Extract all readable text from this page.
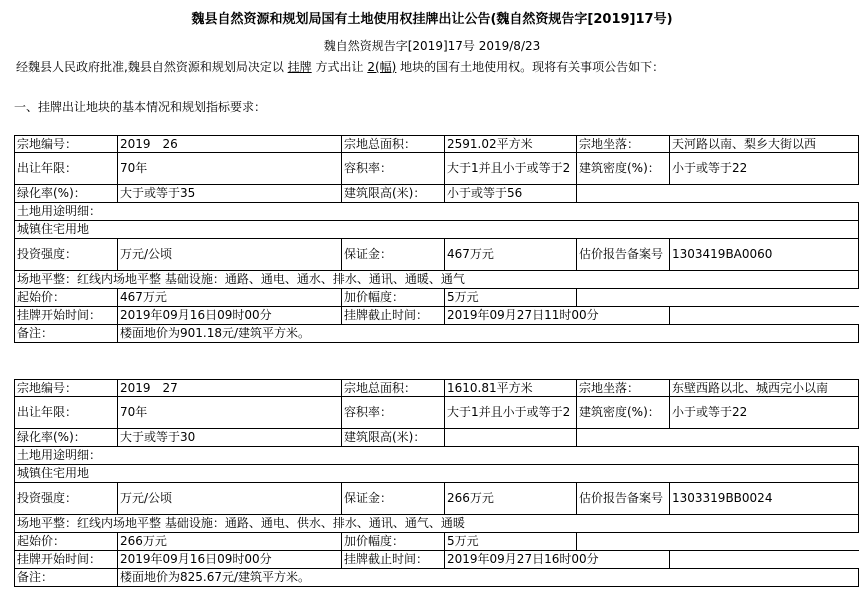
魏县自然资源和规划局国有土地使用权挂牌出让公告(魏自然资规告字[2019]17号)
魏自然资规告字[2019]17号 2019/8/23
经魏县人民政府批准,魏县自然资源和规划局决定以 挂牌 方式出让 2(幅) 地块的国有土地使用权。现将有关事项公告如下：
一、挂牌出让地块的基本情况和规划指标要求：
宗地编号：	2019　26	宗地总面积：	2591.02平方米	宗地坐落：	天河路以南、梨乡大街以西
出让年限：	70年	容积率：	大于1并且小于或等于2	建筑密度(%)：	小于或等于22
绿化率(%)：	大于或等于35	建筑限高(米)：	小于或等于56		
土地用途明细：					
城镇住宅用地					
投资强度：	万元/公顷	保证金：	467万元	估价报告备案号	1303419BA0060
场地平整：红线内场地平整 基础设施：通路、通电、通水、排水、通讯、通暖、通气					
起始价：	467万元	加价幅度：	5万元		
挂牌开始时间：	2019年09月16日09时00分	挂牌截止时间：	2019年09月27日11时00分		
备注：	楼面地价为901.18元/建筑平方米。				
宗地编号：	2019　27	宗地总面积：	1610.81平方米	宗地坐落：	东壁西路以北、城西完小以南
出让年限：	70年	容积率：	大于1并且小于或等于2	建筑密度(%)：	小于或等于22
绿化率(%)：	大于或等于30	建筑限高(米)：			
土地用途明细：					
城镇住宅用地					
投资强度：	万元/公顷	保证金：	266万元	估价报告备案号	1303319BB0024
场地平整：红线内场地平整 基础设施：通路、通电、供水、排水、通讯、通气、通暖					
起始价：	266万元	加价幅度：	5万元		
挂牌开始时间：	2019年09月16日09时00分	挂牌截止时间：	2019年09月27日16时00分		
备注：	楼面地价为825.67元/建筑平方米。				
